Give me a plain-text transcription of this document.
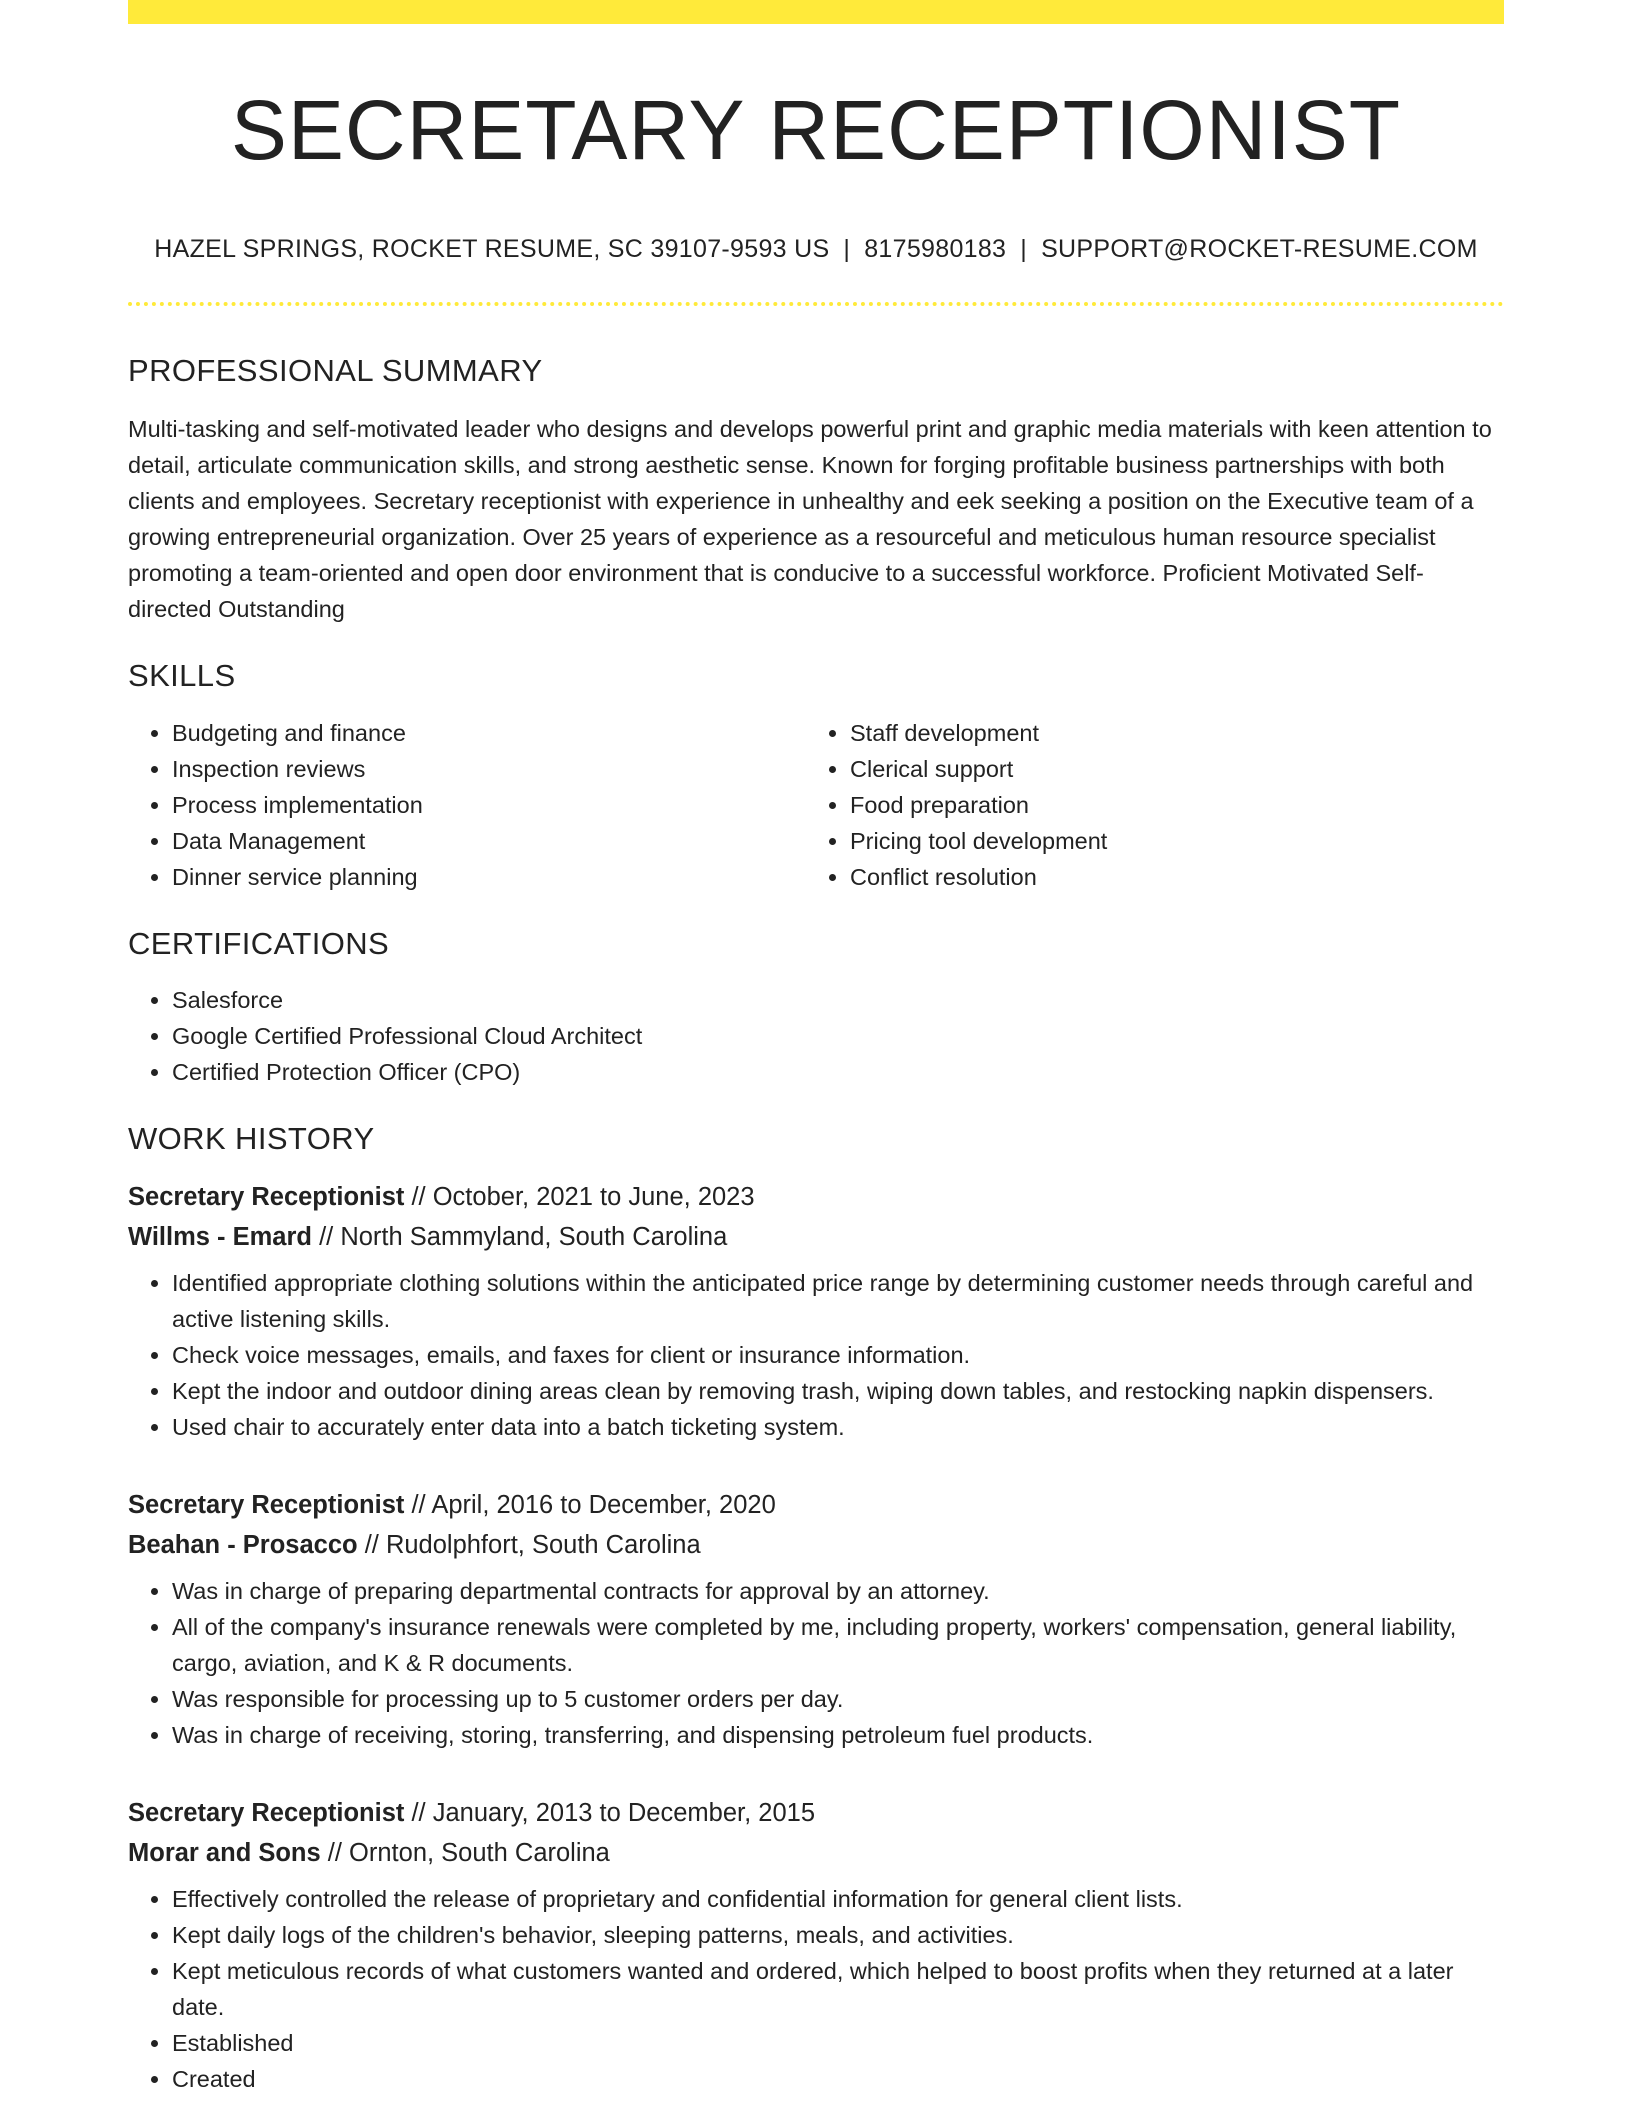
SECRETARY RECEPTIONIST
HAZEL SPRINGS, ROCKET RESUME, SC 39107-9593 US | 8175980183 | SUPPORT@ROCKET-RESUME.COM
PROFESSIONAL SUMMARY
Multi-tasking and self-motivated leader who designs and develops powerful print and graphic media materials with keen attention to detail, articulate communication skills, and strong aesthetic sense. Known for forging profitable business partnerships with both clients and employees. Secretary receptionist with experience in unhealthy and eek seeking a position on the Executive team of a growing entrepreneurial organization. Over 25 years of experience as a resourceful and meticulous human resource specialist promoting a team-oriented and open door environment that is conducive to a successful workforce. Proficient Motivated Self-directed Outstanding
SKILLS
• Budgeting and finance
• Inspection reviews
• Process implementation
• Data Management
• Dinner service planning
• Staff development
• Clerical support
• Food preparation
• Pricing tool development
• Conflict resolution
CERTIFICATIONS
• Salesforce
• Google Certified Professional Cloud Architect
• Certified Protection Officer (CPO)
WORK HISTORY
Secretary Receptionist // October, 2021 to June, 2023
Willms - Emard // North Sammyland, South Carolina
• Identified appropriate clothing solutions within the anticipated price range by determining customer needs through careful and active listening skills.
• Check voice messages, emails, and faxes for client or insurance information.
• Kept the indoor and outdoor dining areas clean by removing trash, wiping down tables, and restocking napkin dispensers.
• Used chair to accurately enter data into a batch ticketing system.
Secretary Receptionist // April, 2016 to December, 2020
Beahan - Prosacco // Rudolphfort, South Carolina
• Was in charge of preparing departmental contracts for approval by an attorney.
• All of the company's insurance renewals were completed by me, including property, workers' compensation, general liability, cargo, aviation, and K & R documents.
• Was responsible for processing up to 5 customer orders per day.
• Was in charge of receiving, storing, transferring, and dispensing petroleum fuel products.
Secretary Receptionist // January, 2013 to December, 2015
Morar and Sons // Ornton, South Carolina
• Effectively controlled the release of proprietary and confidential information for general client lists.
• Kept daily logs of the children's behavior, sleeping patterns, meals, and activities.
• Kept meticulous records of what customers wanted and ordered, which helped to boost profits when they returned at a later date.
• Established
• Created
